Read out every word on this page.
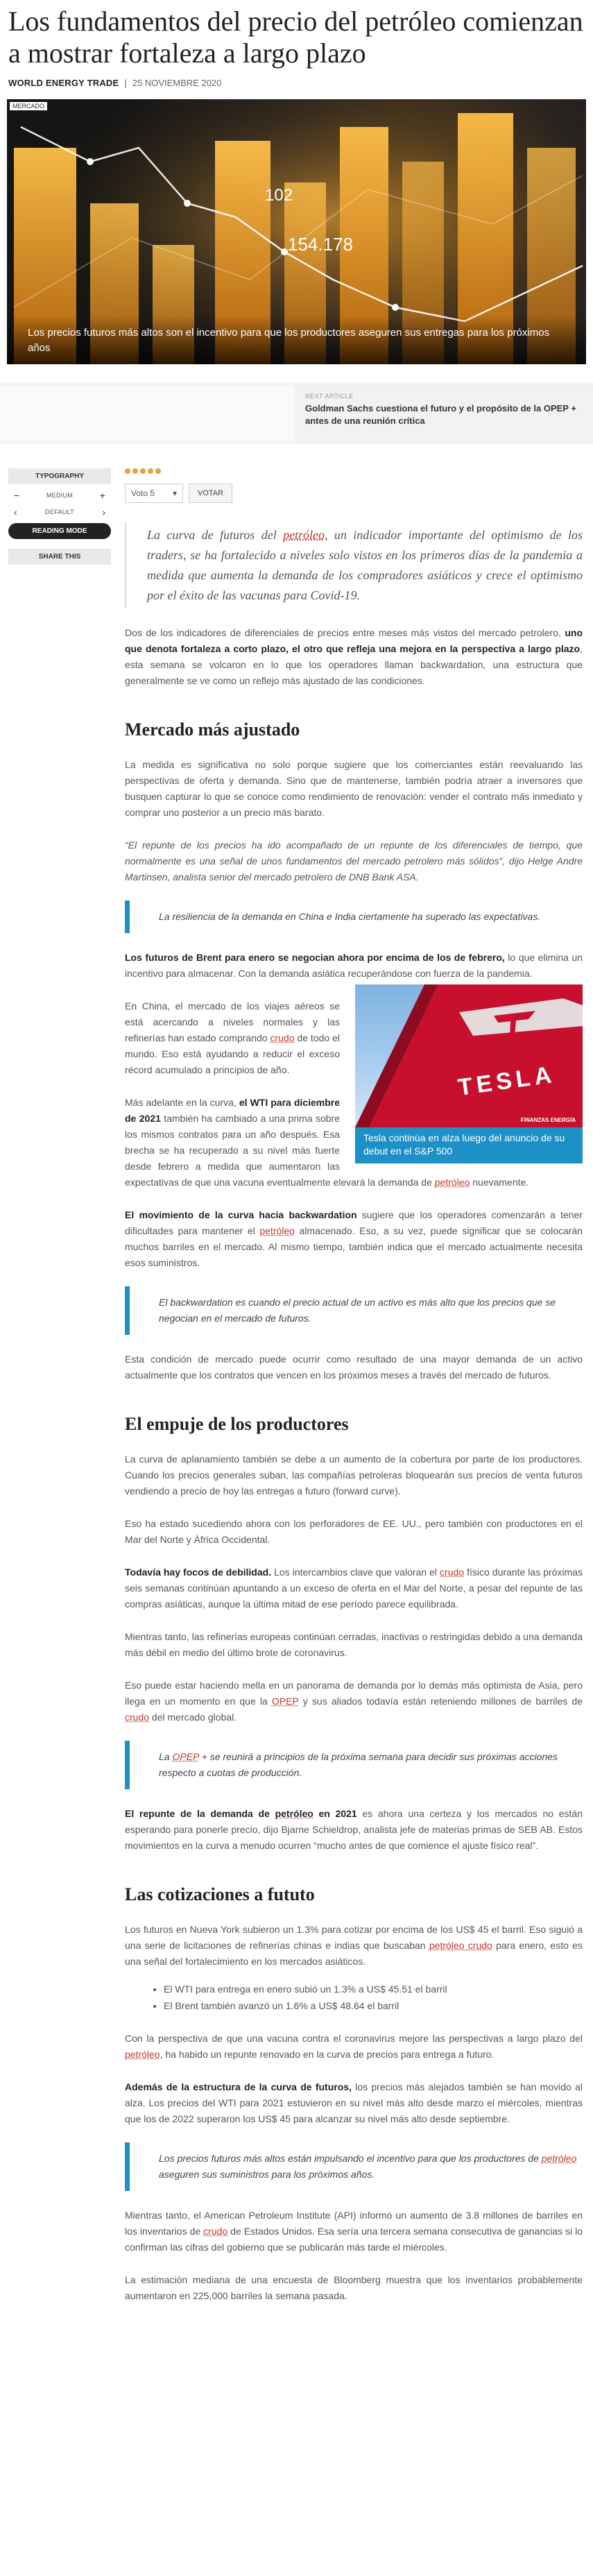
Los fundamentos del precio del petróleo comienzan a mostrar fortaleza a largo plazo
WORLD ENERGY TRADE | 25 NOVIEMBRE 2020
MERCADO
102
154.178
Los precios futuros más altos son el incentivo para que los productores aseguren sus entregas para los próximos años
NEXT ARTICLE
Goldman Sachs cuestiona el futuro y el propósito de la OPEP + antes de una reunión crítica
TYPOGRAPHY
−	MEDIUM	+
‹	DEFAULT	›
READING MODE
SHARE THIS
Voto 5 ▾	VOTAR
La curva de futuros del petróleo, un indicador importante del optimismo de los traders, se ha fortalecido a niveles solo vistos en los primeros días de la pandemia a medida que aumenta la demanda de los compradores asiáticos y crece el optimismo por el éxito de las vacunas para Covid-19.

Dos de los indicadores de diferenciales de precios entre meses más vistos del mercado petrolero, uno que denota fortaleza a corto plazo, el otro que refleja una mejora en la perspectiva a largo plazo, esta semana se volcaron en lo que los operadores llaman backwardation, una estructura que generalmente se ve como un reflejo más ajustado de las condiciones.

Mercado más ajustado

La medida es significativa no solo porque sugiere que los comerciantes están reevaluando las perspectivas de oferta y demanda. Sino que de mantenerse, también podría atraer a inversores que busquen capturar lo que se conoce como rendimiento de renovación: vender el contrato más inmediato y comprar uno posterior a un precio más barato.

“El repunte de los precios ha ido acompañado de un repunte de los diferenciales de tiempo, que normalmente es una señal de unos fundamentos del mercado petrolero más sólidos”, dijo Helge Andre Martinsen, analista senior del mercado petrolero de DNB Bank ASA.

La resiliencia de la demanda en China e India ciertamente ha superado las expectativas.

Los futuros de Brent para enero se negocian ahora por encima de los de febrero, lo que elimina un incentivo para almacenar. Con la demanda asiática recuperándose con fuerza de la pandemia.

TESLA
FINANZAS ENERGÍA
Tesla continúa en alza luego del anuncio de su debut en el S&P 500

En China, el mercado de los viajes aéreos se está acercando a niveles normales y las refinerías han estado comprando crudo de todo el mundo. Eso está ayudando a reducir el exceso récord acumulado a principios de año.

Más adelante en la curva, el WTI para diciembre de 2021 también ha cambiado a una prima sobre los mismos contratos para un año después. Esa brecha se ha recuperado a su nivel más fuerte desde febrero a medida que aumentaron las expectativas de que una vacuna eventualmente elevará la demanda de petróleo nuevamente.

El movimiento de la curva hacia backwardation sugiere que los operadores comenzarán a tener dificultades para mantener el petróleo almacenado. Eso, a su vez, puede significar que se colocarán muchos barriles en el mercado. Al mismo tiempo, también indica que el mercado actualmente necesita esos suministros.

El backwardation es cuando el precio actual de un activo es más alto que los precios que se negocian en el mercado de futuros.

Esta condición de mercado puede ocurrir como resultado de una mayor demanda de un activo actualmente que los contratos que vencen en los próximos meses a través del mercado de futuros.

El empuje de los productores

La curva de aplanamiento también se debe a un aumento de la cobertura por parte de los productores. Cuando los precios generales suban, las compañías petroleras bloquearán sus precios de venta futuros vendiendo a precio de hoy las entregas a futuro (forward curve).

Eso ha estado sucediendo ahora con los perforadores de EE. UU., pero también con productores en el Mar del Norte y África Occidental.

Todavía hay focos de debilidad. Los intercambios clave que valoran el crudo físico durante las próximas seis semanas continúan apuntando a un exceso de oferta en el Mar del Norte, a pesar del repunte de las compras asiáticas, aunque la última mitad de ese período parece equilibrada.

Mientras tanto, las refinerías europeas continúan cerradas, inactivas o restringidas debido a una demanda más débil en medio del último brote de coronavirus.

Eso puede estar haciendo mella en un panorama de demanda por lo demás más optimista de Asia, pero llega en un momento en que la OPEP y sus aliados todavía están reteniendo millones de barriles de crudo del mercado global.

La OPEP + se reunirá a principios de la próxima semana para decidir sus próximas acciones respecto a cuotas de producción.

El repunte de la demanda de petróleo en 2021 es ahora una certeza y los mercados no están esperando para ponerle precio, dijo Bjarne Schieldrop, analista jefe de materias primas de SEB AB. Estos movimientos en la curva a menudo ocurren “mucho antes de que comience el ajuste físico real”.

Las cotizaciones a fututo

Los futuros en Nueva York subieron un 1.3% para cotizar por encima de los US$ 45 el barril. Eso siguió a una serie de licitaciones de refinerías chinas e indias que buscaban petróleo crudo para enero, esto es una señal del fortalecimiento en los mercados asiáticos.

• El WTI para entrega en enero subió un 1.3% a US$ 45.51 el barril
• El Brent también avanzó un 1.6% a US$ 48.64 el barril

Con la perspectiva de que una vacuna contra el coronavirus mejore las perspectivas a largo plazo del petróleo, ha habido un repunte renovado en la curva de precios para entrega a futuro.

Además de la estructura de la curva de futuros, los precios más alejados también se han movido al alza. Los precios del WTI para 2021 estuvieron en su nivel más alto desde marzo el miércoles, mientras que los de 2022 superaron los US$ 45 para alcanzar su nivel más alto desde septiembre.

Los precios futuros más altos están impulsando el incentivo para que los productores de petróleo aseguren sus suministros para los próximos años.

Mientras tanto, el American Petroleum Institute (API) informó un aumento de 3.8 millones de barriles en los inventarios de crudo de Estados Unidos. Esa sería una tercera semana consecutiva de ganancias si lo confirman las cifras del gobierno que se publicarán más tarde el miércoles.

La estimación mediana de una encuesta de Bloomberg muestra que los inventarios probablemente aumentaron en 225,000 barriles la semana pasada.
